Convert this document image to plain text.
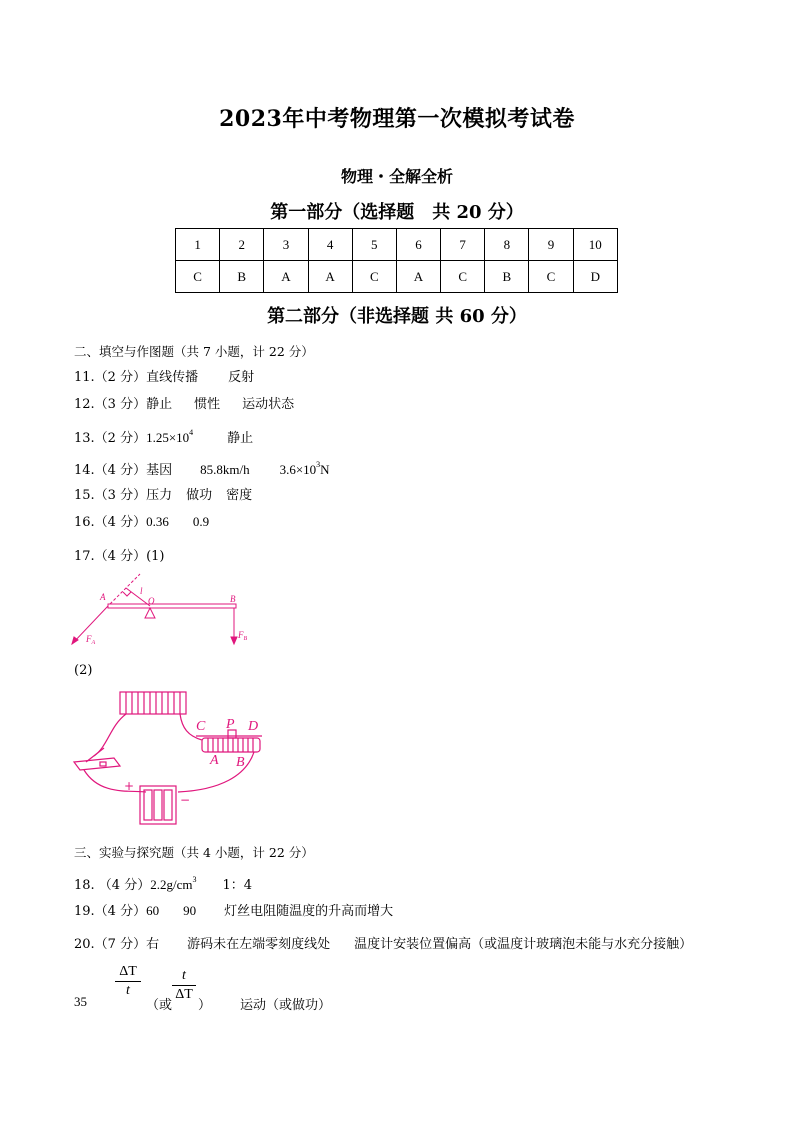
2023年中考物理第一次模拟考试卷
物理・全解全析
第一部分（选择题　共 20 分）
1	2	3	4	5	6	7	8	9	10
C	B	A	A	C	A	C	B	C	D
第二部分（非选择题 共 60 分）
二、填空与作图题（共 7 小题，计 22 分）
11.（2 分）直线传播 反射
12.（3 分）静止 惯性 运动状态
13.（2 分）$1.25\times 10^4$	静止
14.（4 分）基因 85.8km/h $3.6\times 10^3N$
15.（3 分）压力 做功 密度
16.（4 分）0.36 0.9
17.（4 分）(1)
A	O
l
B
$F_A$
$F_B$
(2)
C P D
A B
+
−
三、实验与探究题（共 4 小题，计 22 分）
18. （4 分）$2.2g/cm^3$ 1：4
19.（4 分）60 90 灯丝电阻随温度的升高而增大
20.（7 分）右 游码未在左端零刻度线处 温度计安装位置偏高（或温度计玻璃泡未能与水充分接触）
35
ΔT
t
（或
t
ΔT
） 运动（或做功）
